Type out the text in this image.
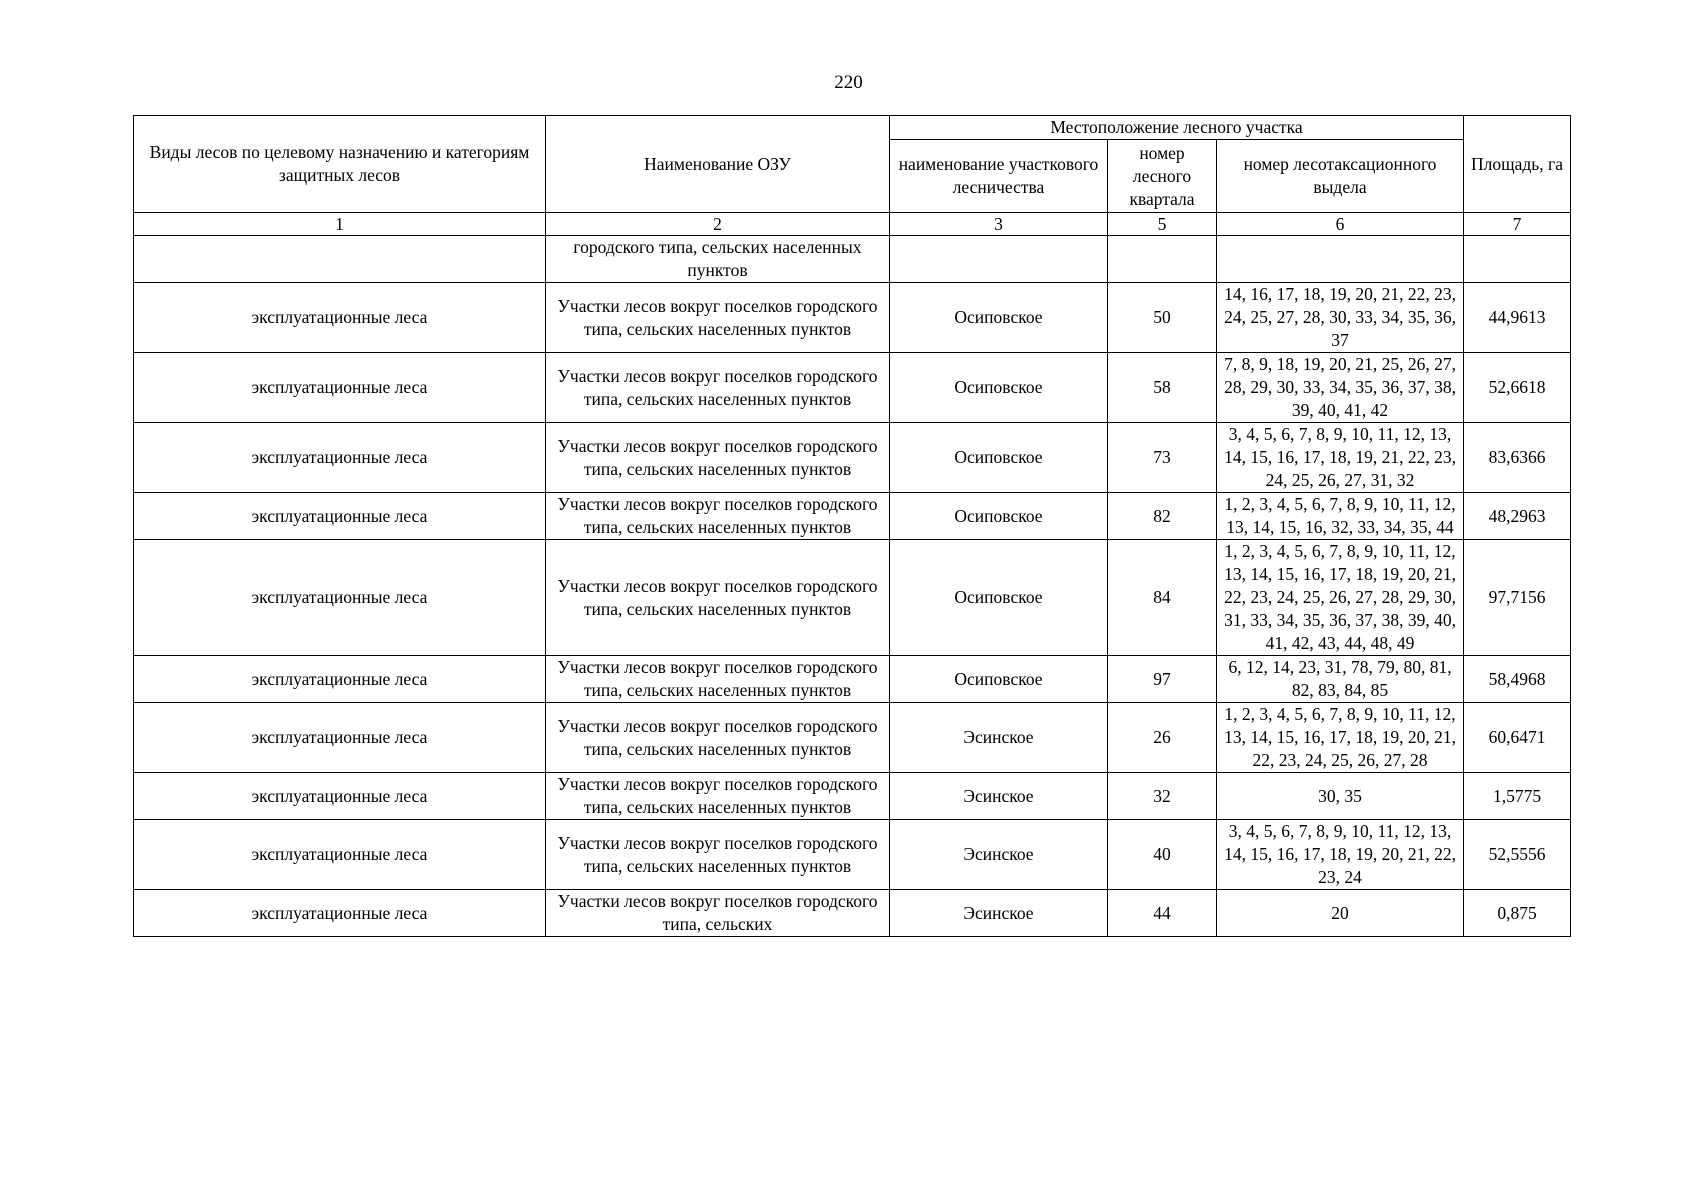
220
Виды лесов по целевому назначению и категориям защитных лесов	Наименование ОЗУ	Местоположение лесного участка			Площадь, га
		наименование участкового лесничества	номер лесного квартала	номер лесотаксационного выдела	
1	2	3	5	6	7
	городского типа, сельских населенных пунктов				
эксплуатационные леса	Участки лесов вокруг поселков городского типа, сельских населенных пунктов	Осиповское	50	14, 16, 17, 18, 19, 20, 21, 22, 23, 24, 25, 27, 28, 30, 33, 34, 35, 36, 37	44,9613
эксплуатационные леса	Участки лесов вокруг поселков городского типа, сельских населенных пунктов	Осиповское	58	7, 8, 9, 18, 19, 20, 21, 25, 26, 27, 28, 29, 30, 33, 34, 35, 36, 37, 38, 39, 40, 41, 42	52,6618
эксплуатационные леса	Участки лесов вокруг поселков городского типа, сельских населенных пунктов	Осиповское	73	3, 4, 5, 6, 7, 8, 9, 10, 11, 12, 13, 14, 15, 16, 17, 18, 19, 21, 22, 23, 24, 25, 26, 27, 31, 32	83,6366
эксплуатационные леса	Участки лесов вокруг поселков городского типа, сельских населенных пунктов	Осиповское	82	1, 2, 3, 4, 5, 6, 7, 8, 9, 10, 11, 12, 13, 14, 15, 16, 32, 33, 34, 35, 44	48,2963
эксплуатационные леса	Участки лесов вокруг поселков городского типа, сельских населенных пунктов	Осиповское	84	1, 2, 3, 4, 5, 6, 7, 8, 9, 10, 11, 12, 13, 14, 15, 16, 17, 18, 19, 20, 21, 22, 23, 24, 25, 26, 27, 28, 29, 30, 31, 33, 34, 35, 36, 37, 38, 39, 40, 41, 42, 43, 44, 48, 49	97,7156
эксплуатационные леса	Участки лесов вокруг поселков городского типа, сельских населенных пунктов	Осиповское	97	6, 12, 14, 23, 31, 78, 79, 80, 81, 82, 83, 84, 85	58,4968
эксплуатационные леса	Участки лесов вокруг поселков городского типа, сельских населенных пунктов	Эсинское	26	1, 2, 3, 4, 5, 6, 7, 8, 9, 10, 11, 12, 13, 14, 15, 16, 17, 18, 19, 20, 21, 22, 23, 24, 25, 26, 27, 28	60,6471
эксплуатационные леса	Участки лесов вокруг поселков городского типа, сельских населенных пунктов	Эсинское	32	30, 35	1,5775
эксплуатационные леса	Участки лесов вокруг поселков городского типа, сельских населенных пунктов	Эсинское	40	3, 4, 5, 6, 7, 8, 9, 10, 11, 12, 13, 14, 15, 16, 17, 18, 19, 20, 21, 22, 23, 24	52,5556
эксплуатационные леса	Участки лесов вокруг поселков городского типа, сельских	Эсинское	44	20	0,875
